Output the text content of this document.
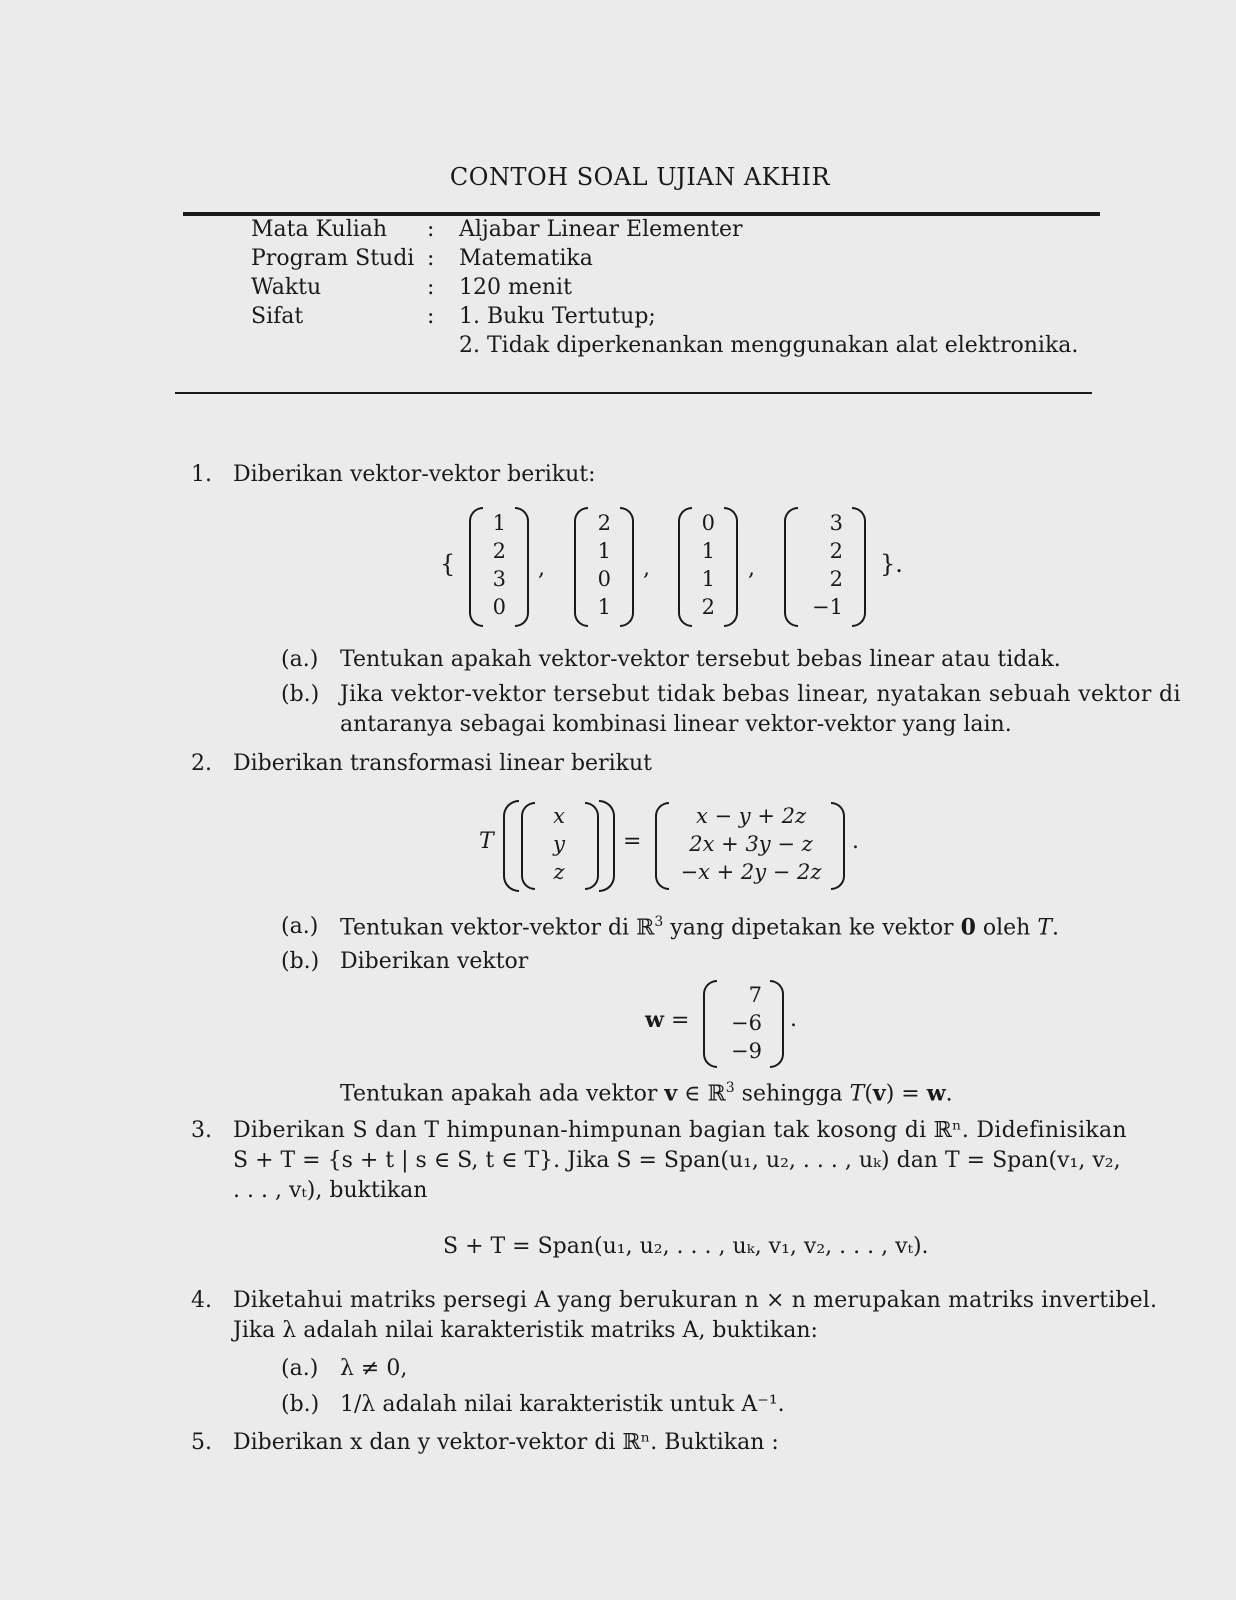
CONTOH SOAL UJIAN AKHIR
Mata Kuliah : Aljabar Linear Elementer
Program Studi : Matematika
Waktu	: 120 menit
Sifat	: 1. Buku Tertutup;
2. Tidak diperkenankan menggunakan alat elektronika.
1. Diberikan vektor-vektor berikut:
{
1
2
3
0
,
2
1
0
1
,
0
1
1
2
,
3
2
2
−1
}.
(a.) Tentukan apakah vektor-vektor tersebut bebas linear atau tidak.
(b.) Jika vektor-vektor tersebut tidak bebas linear, nyatakan sebuah vektor di
antaranya sebagai kombinasi linear vektor-vektor yang lain.
2. Diberikan transformasi linear berikut
T
x
y
z
=
x − y + 2z
2x + 3y − z
−x + 2y − 2z
.
(a.) Tentukan vektor-vektor di ℝ$^3$ yang dipetakan ke vektor 0 oleh T.
(b.) Diberikan vektor
w =
7
−6
−9
.
Tentukan apakah ada vektor v ∈ ℝ$^3$ sehingga T(v) = w.
3. Diberikan S dan T himpunan-himpunan bagian tak kosong di ℝⁿ. Didefinisikan
S + T = {s + t | s ∈ S, t ∈ T}. Jika S = Span(u₁, u₂, . . . , uₖ) dan T = Span(v₁, v₂,
. . . , vₜ), buktikan
S + T = Span(u₁, u₂, . . . , uₖ, v₁, v₂, . . . , vₜ).
4. Diketahui matriks persegi A yang berukuran n × n merupakan matriks invertibel.
Jika λ adalah nilai karakteristik matriks A, buktikan:
(a.) λ ≠ 0,
(b.) 1/λ adalah nilai karakteristik untuk A⁻¹.
5. Diberikan x dan y vektor-vektor di ℝⁿ. Buktikan :
